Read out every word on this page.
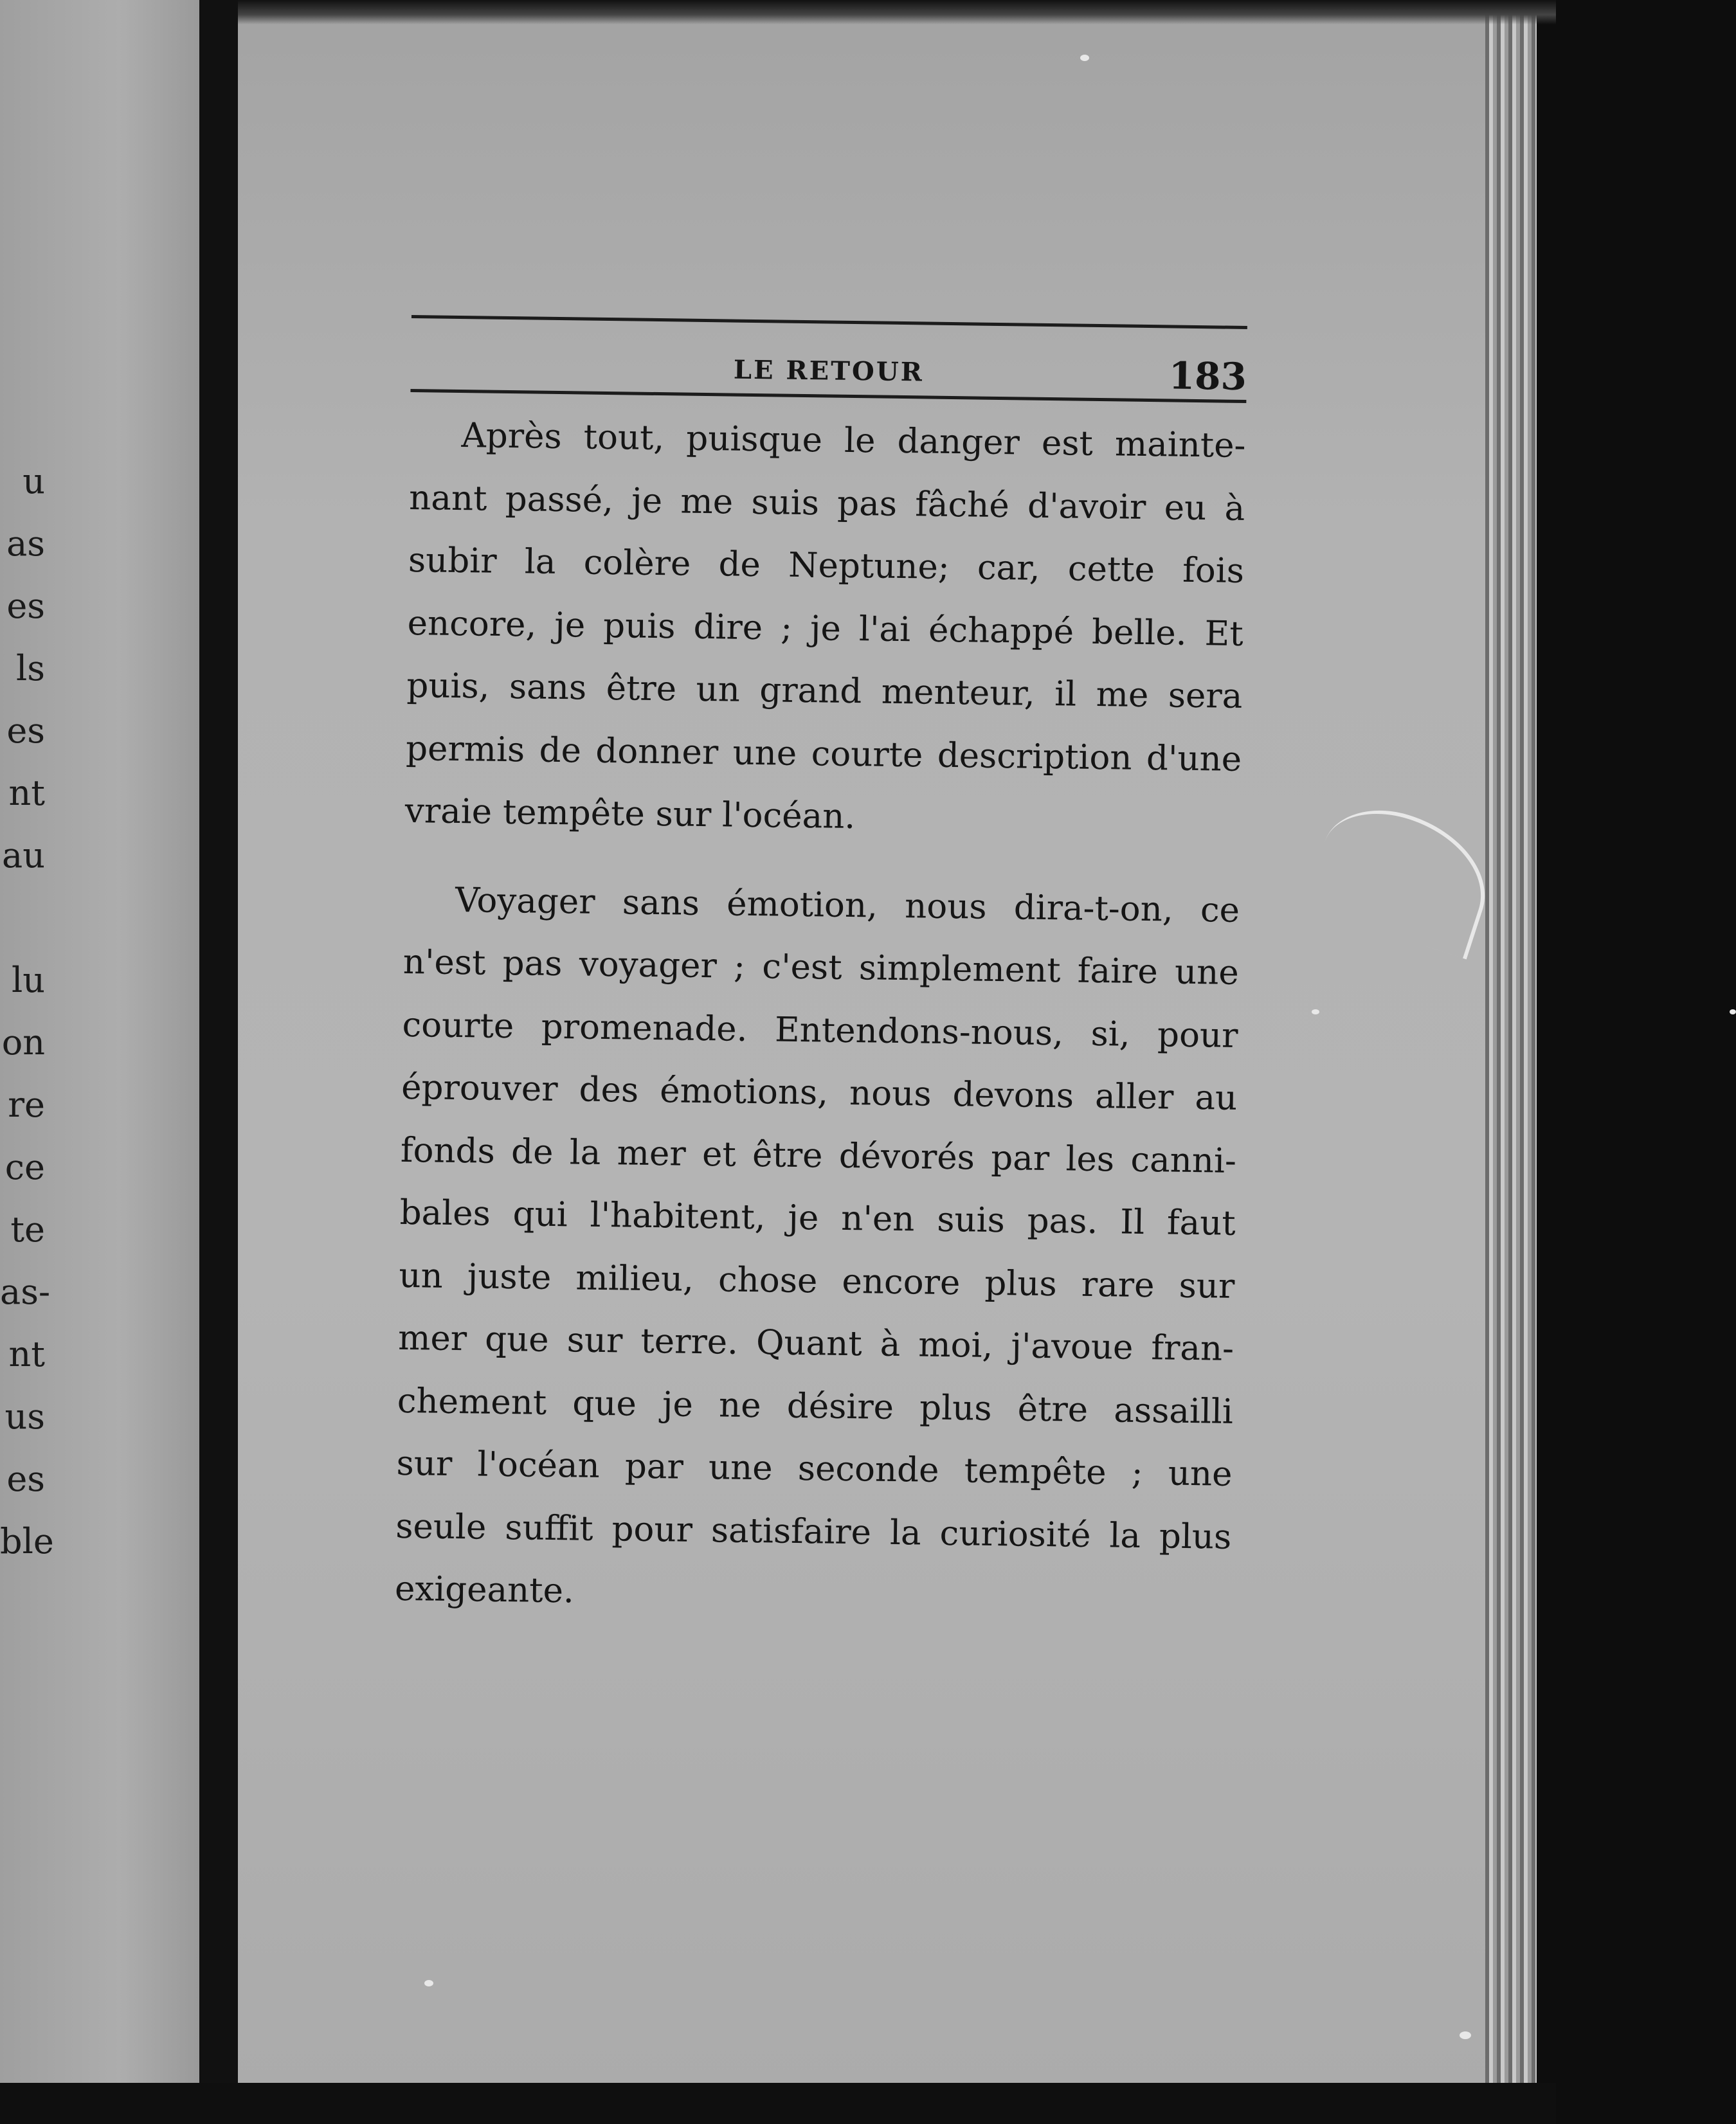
u
as
es
ls
es
nt
au
lu
on
re
ce
te
as-
nt
us
es
ble
LE RETOUR	183

Après tout, puisque le danger est mainte-
nant passé, je me suis pas fâché d'avoir eu à
subir la colère de Neptune; car, cette fois
encore, je puis dire ; je l'ai échappé belle. Et
puis, sans être un grand menteur, il me sera
permis de donner une courte description d'une
vraie tempête sur l'océan.

Voyager sans émotion, nous dira-t-on, ce
n'est pas voyager ; c'est simplement faire une
courte promenade. Entendons-nous, si, pour
éprouver des émotions, nous devons aller au
fonds de la mer et être dévorés par les canni-
bales qui l'habitent, je n'en suis pas. Il faut
un juste milieu, chose encore plus rare sur
mer que sur terre. Quant à moi, j'avoue fran-
chement que je ne désire plus être assailli
sur l'océan par une seconde tempête ; une
seule suffit pour satisfaire la curiosité la plus
exigeante.
